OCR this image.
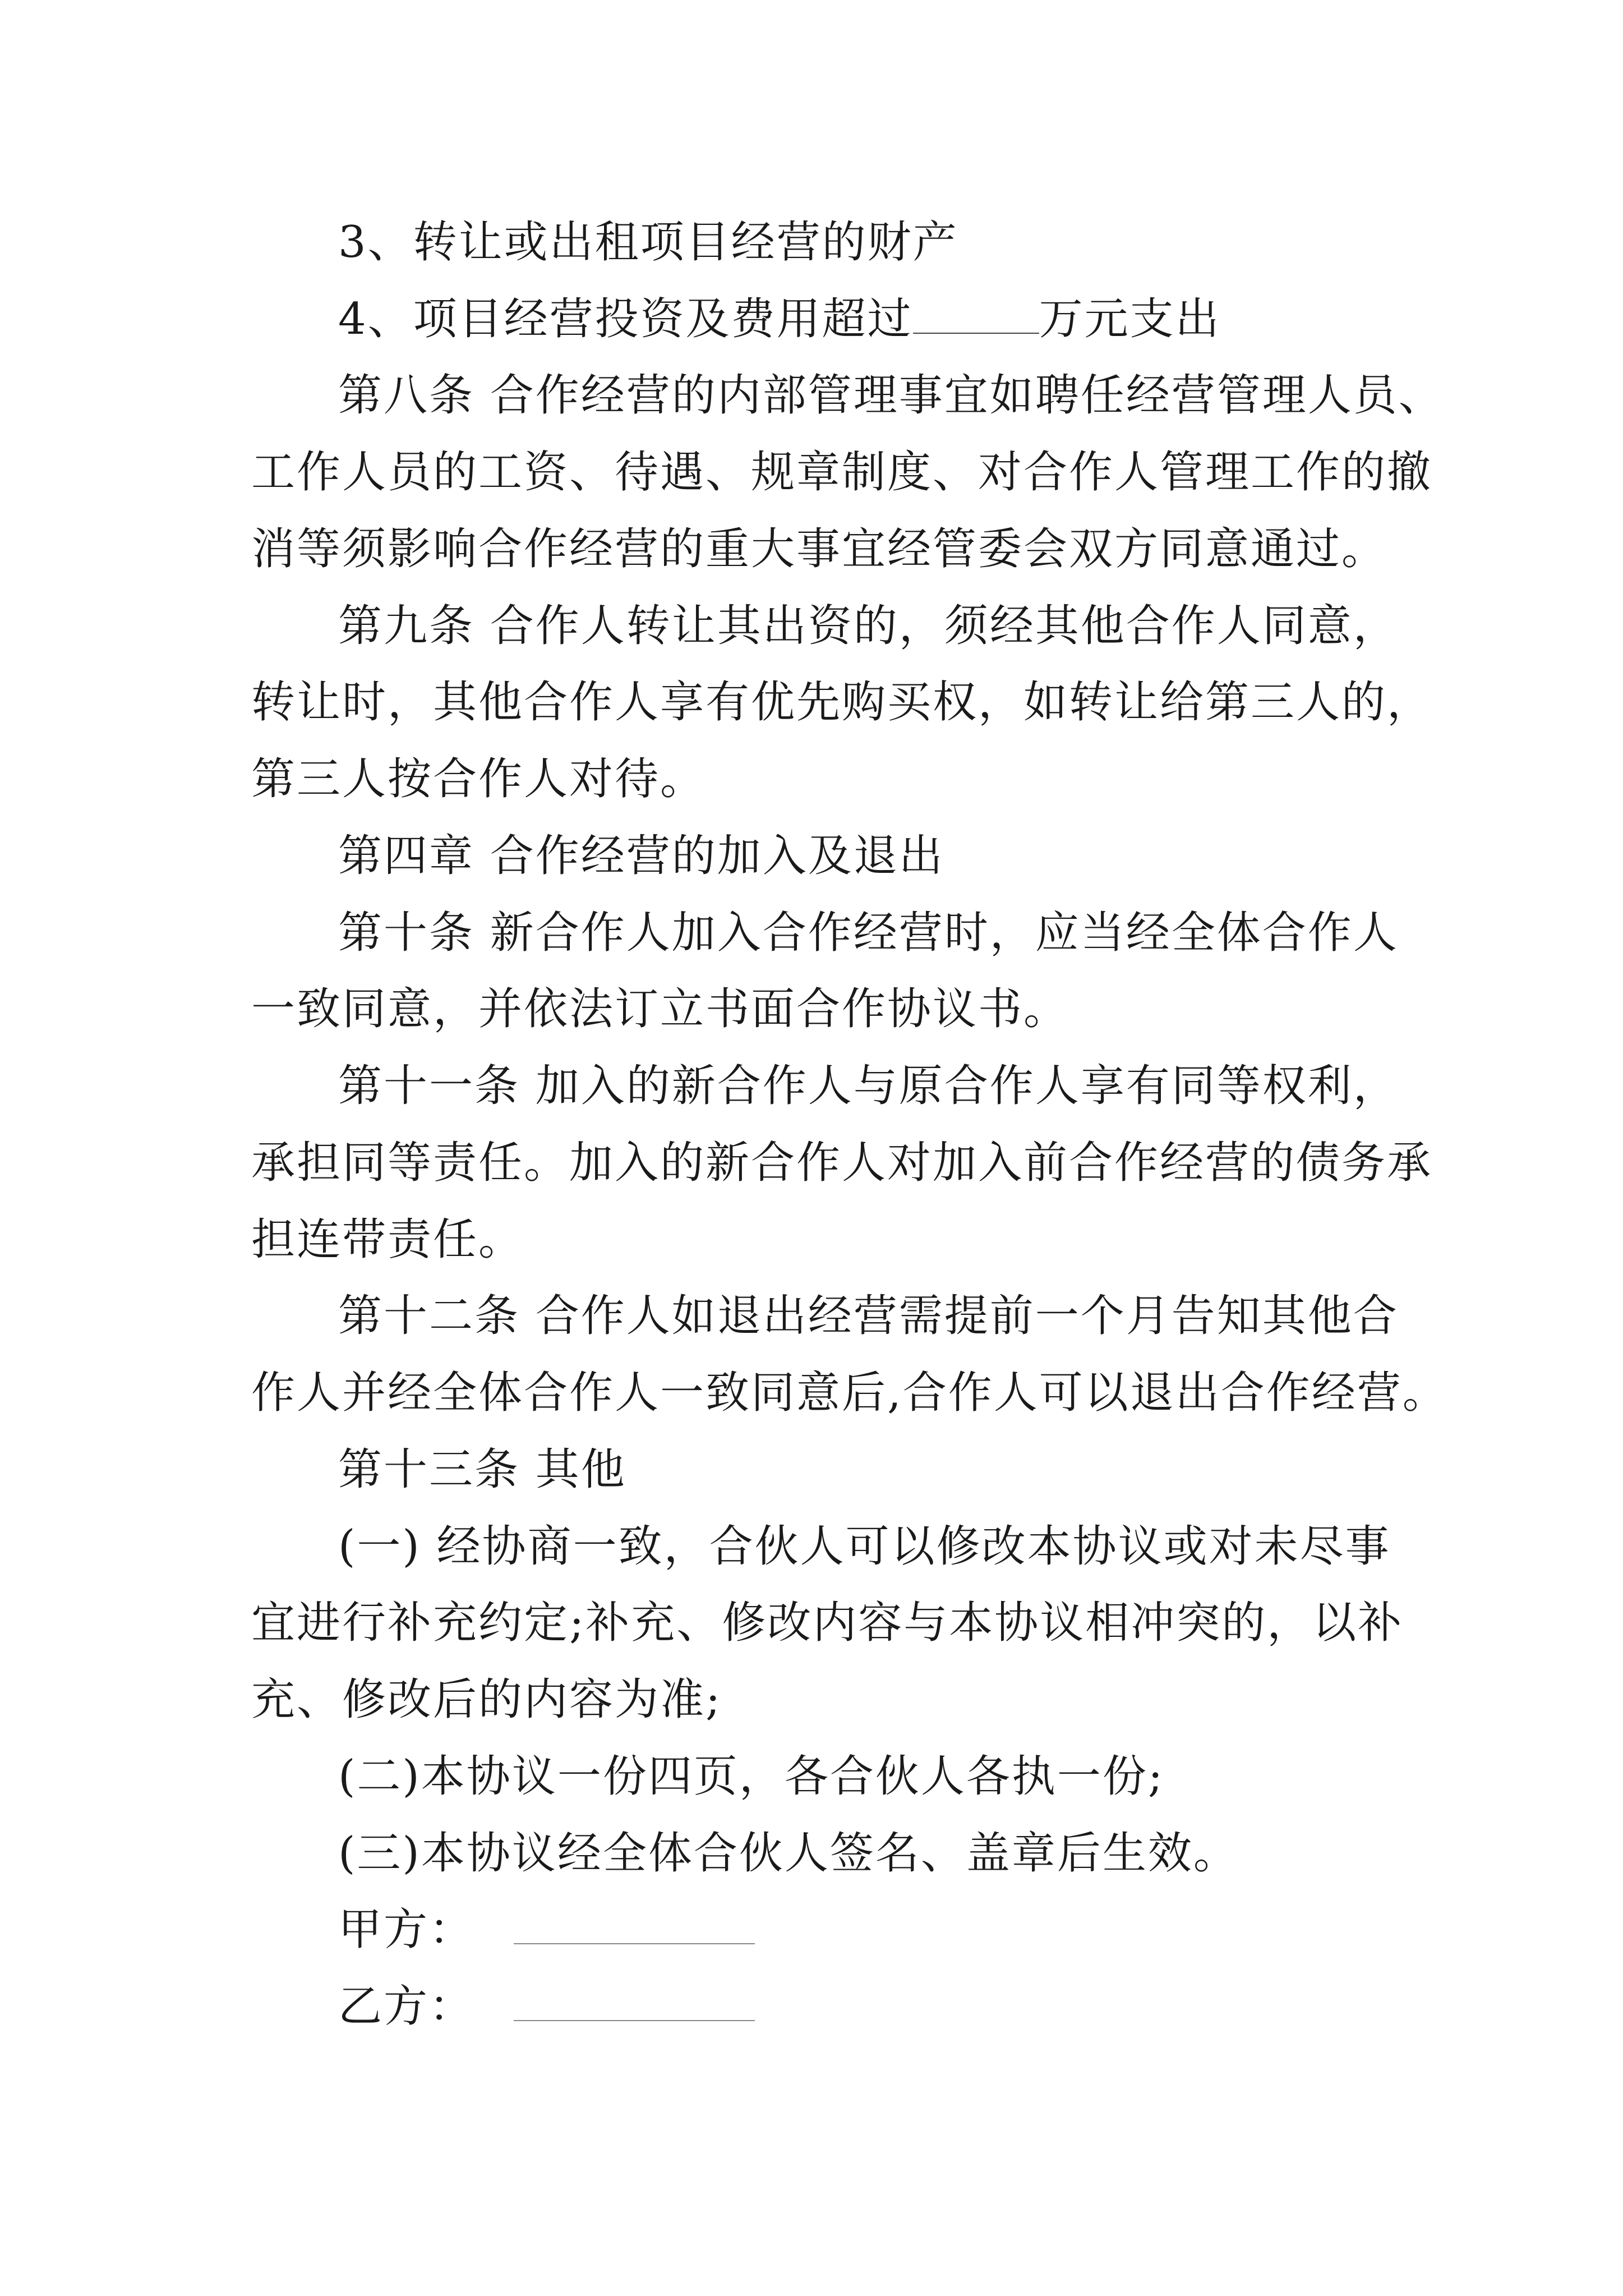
3、转让或出租项目经营的财产
4、项目经营投资及费用超过	万元支出
第八条 合作经营的内部管理事宜如聘任经营管理人员、
工作人员的工资、待遇、规章制度、对合作人管理工作的撤
消等须影响合作经营的重大事宜经管委会双方同意通过。
第九条 合作人转让其出资的，须经其他合作人同意，
转让时，其他合作人享有优先购买权，如转让给第三人的，
第三人按合作人对待。
第四章 合作经营的加入及退出
第十条 新合作人加入合作经营时，应当经全体合作人
一致同意，并依法订立书面合作协议书。
第十一条 加入的新合作人与原合作人享有同等权利，
承担同等责任。加入的新合作人对加入前合作经营的债务承
担连带责任。
第十二条 合作人如退出经营需提前一个月告知其他合
作人并经全体合作人一致同意后,合作人可以退出合作经营。
第十三条 其他
(一) 经协商一致，合伙人可以修改本协议或对未尽事
宜进行补充约定;补充、修改内容与本协议相冲突的，以补
充、修改后的内容为准;
(二)本协议一份四页，各合伙人各执一份;
(三)本协议经全体合伙人签名、盖章后生效。
甲方：
乙方：
